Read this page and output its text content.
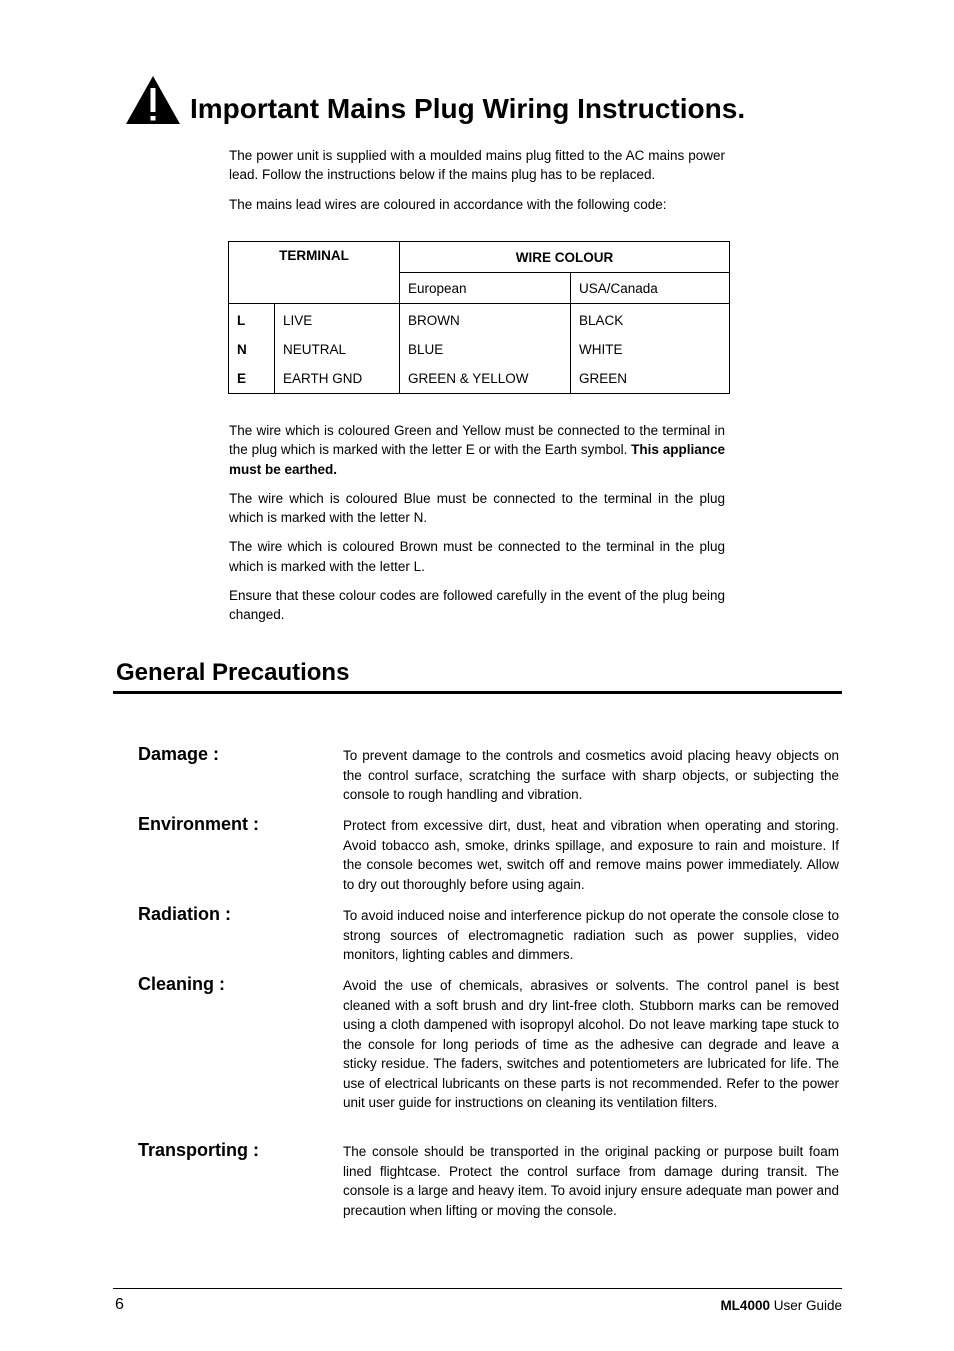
Important Mains Plug Wiring Instructions.

The power unit is supplied with a moulded mains plug fitted to the AC mains power lead. Follow the instructions below if the mains plug has to be replaced.

The mains lead wires are coloured in accordance with the following code:

TERMINAL		WIRE COLOUR	
		European	USA/Canada
L	LIVE	BROWN	BLACK
N	NEUTRAL	BLUE	WHITE
E	EARTH GND	GREEN & YELLOW	GREEN

The wire which is coloured Green and Yellow must be connected to the terminal in the plug which is marked with the letter E or with the Earth symbol. This appliance must be earthed.

The wire which is coloured Blue must be connected to the terminal in the plug which is marked with the letter N.

The wire which is coloured Brown must be connected to the terminal in the plug which is marked with the letter L.

Ensure that these colour codes are followed carefully in the event of the plug being changed.

General Precautions
Damage :	To prevent damage to the controls and cosmetics avoid placing heavy objects on the control surface, scratching the surface with sharp objects, or subjecting the console to rough handling and vibration.

Environment :	Protect from excessive dirt, dust, heat and vibration when operating and storing. Avoid tobacco ash, smoke, drinks spillage, and exposure to rain and moisture. If the console becomes wet, switch off and remove mains power immediately. Allow to dry out thoroughly before using again.

Radiation :	To avoid induced noise and interference pickup do not operate the console close to strong sources of electromagnetic radiation such as power supplies, video monitors, lighting cables and dimmers.

Cleaning :	Avoid the use of chemicals, abrasives or solvents. The control panel is best cleaned with a soft brush and dry lint-free cloth. Stubborn marks can be removed using a cloth dampened with isopropyl alcohol. Do not leave marking tape stuck to the console for long periods of time as the adhesive can degrade and leave a sticky residue. The faders, switches and potentiometers are lubricated for life. The use of electrical lubricants on these parts is not recommended. Refer to the power unit user guide for instructions on cleaning its ventilation filters.

Transporting :	The console should be transported in the original packing or purpose built foam lined flightcase. Protect the control surface from damage during transit. The console is a large and heavy item. To avoid injury ensure adequate man power and precaution when lifting or moving the console.

6	ML4000 User Guide
